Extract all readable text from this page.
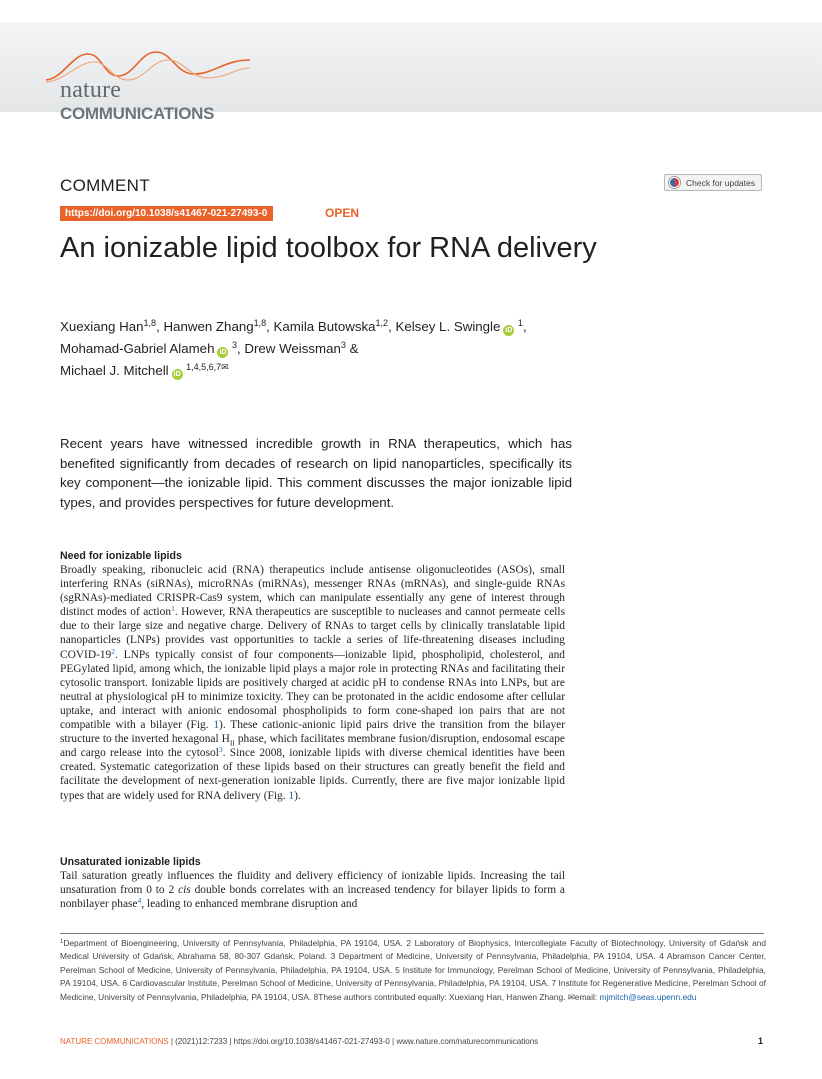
nature
COMMUNICATIONS
COMMENT	Check for updates
https://doi.org/10.1038/s41467-021-27493-0	OPEN
An ionizable lipid toolbox for RNA delivery
Xuexiang Han$^{1,8}$, Hanwen Zhang$^{1,8}$, Kamila Butowska$^{1,2}$, Kelsey L. Swingle iD $^1$,
Mohamad-Gabriel Alameh iD $^3$, Drew Weissman$^3$ &
Michael J. Mitchell iD $^{1,4,5,6,7✉}$

Recent years have witnessed incredible growth in RNA therapeutics, which has benefited significantly from decades of research on lipid nanoparticles, specifically its key component—the ionizable lipid. This comment discusses the major ionizable lipid types, and provides perspectives for future development.

Need for ionizable lipids

Broadly speaking, ribonucleic acid (RNA) therapeutics include antisense oligonucleotides (ASOs), small interfering RNAs (siRNAs), microRNAs (miRNAs), messenger RNAs (mRNAs), and single-guide RNAs (sgRNAs)-mediated CRISPR-Cas9 system, which can manipulate essentially any gene of interest through distinct modes of action$^1$. However, RNA therapeutics are susceptible to nucleases and cannot permeate cells due to their large size and negative charge. Delivery of RNAs to target cells by clinically translatable lipid nanoparticles (LNPs) provides vast opportunities to tackle a series of life-threatening diseases including COVID-19$^2$. LNPs typically consist of four components—ionizable lipid, phospholipid, cholesterol, and PEGylated lipid, among which, the ionizable lipid plays a major role in protecting RNAs and facilitating their cytosolic transport. Ionizable lipids are positively charged at acidic pH to condense RNAs into LNPs, but are neutral at physiological pH to minimize toxicity. They can be protonated in the acidic endosome after cellular uptake, and interact with anionic endosomal phospholipids to form cone-shaped ion pairs that are not compatible with a bilayer (Fig. 1). These cationic-anionic lipid pairs drive the transition from the bilayer structure to the inverted hexagonal $H_{II}$ phase, which facilitates membrane fusion/disruption, endosomal escape and cargo release into the cytosol$^3$. Since 2008, ionizable lipids with diverse chemical identities have been created. Systematic categorization of these lipids based on their structures can greatly benefit the field and facilitate the development of next-generation ionizable lipids. Currently, there are five major ionizable lipid types that are widely used for RNA delivery (Fig. 1).

Unsaturated ionizable lipids

Tail saturation greatly influences the fluidity and delivery efficiency of ionizable lipids. Increasing the tail unsaturation from 0 to 2 cis double bonds correlates with an increased tendency for bilayer lipids to form a nonbilayer phase$^4$, leading to enhanced membrane disruption and

$^1$Department of Bioengineering, University of Pennsylvania, Philadelphia, PA 19104, USA. 2 Laboratory of Biophysics, Intercollegiate Faculty of Biotechnology, University of Gdańsk and Medical University of Gdańsk, Abrahama 58, 80-307 Gdańsk, Poland. 3 Department of Medicine, University of Pennsylvania, Philadelphia, PA 19104, USA. 4 Abramson Cancer Center, Perelman School of Medicine, University of Pennsylvania, Philadelphia, PA 19104, USA. 5 Institute for Immunology, Perelman School of Medicine, University of Pennsylvania, Philadelphia, PA 19104, USA. 6 Cardiovascular Institute, Perelman School of Medicine, University of Pennsylvania, Philadelphia, PA 19104, USA. 7 Institute for Regenerative Medicine, Perelman School of Medicine, University of Pennsylvania, Philadelphia, PA 19104, USA. 8These authors contributed equally: Xuexiang Han, Hanwen Zhang. ✉email: mjmitch@seas.upenn.edu

NATURE COMMUNICATIONS | (2021)12:7233 | https://doi.org/10.1038/s41467-021-27493-0 | www.nature.com/naturecommunications	1
